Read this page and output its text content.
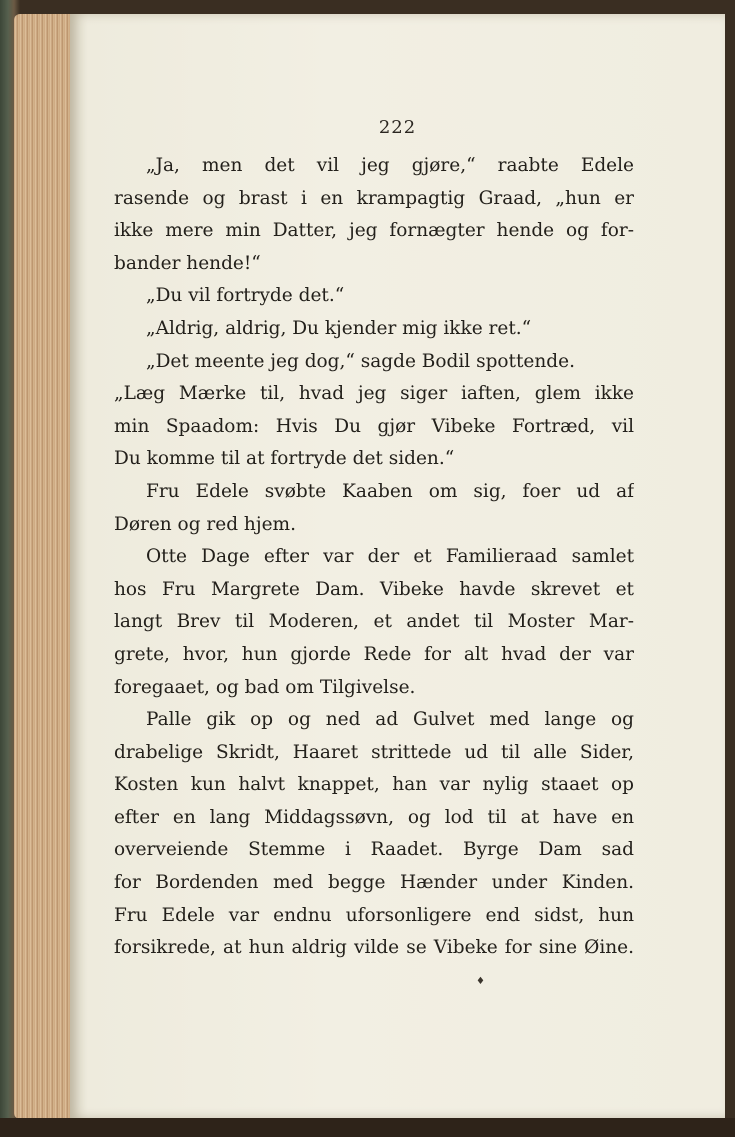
222
♦
„Ja, men det vil jeg gjøre,“ raabte Edele
rasende og brast i en krampagtig Graad, „hun er
ikke mere min Datter, jeg fornægter hende og for-
bander hende!“
„Du vil fortryde det.“
„Aldrig, aldrig, Du kjender mig ikke ret.“
„Det meente jeg dog,“ sagde Bodil spottende.
„Læg Mærke til, hvad jeg siger iaften, glem ikke
min Spaadom: Hvis Du gjør Vibeke Fortræd, vil
Du komme til at fortryde det siden.“
Fru Edele svøbte Kaaben om sig, foer ud af
Døren og red hjem.
Otte Dage efter var der et Familieraad samlet
hos Fru Margrete Dam. Vibeke havde skrevet et
langt Brev til Moderen, et andet til Moster Mar-
grete, hvor, hun gjorde Rede for alt hvad der var
foregaaet, og bad om Tilgivelse.
Palle gik op og ned ad Gulvet med lange og
drabelige Skridt, Haaret strittede ud til alle Sider,
Kosten kun halvt knappet, han var nylig staaet op
efter en lang Middagssøvn, og lod til at have en
overveiende Stemme i Raadet. Byrge Dam sad
for Bordenden med begge Hænder under Kinden.
Fru Edele var endnu uforsonligere end sidst, hun
forsikrede, at hun aldrig vilde se Vibeke for sine Øine.
